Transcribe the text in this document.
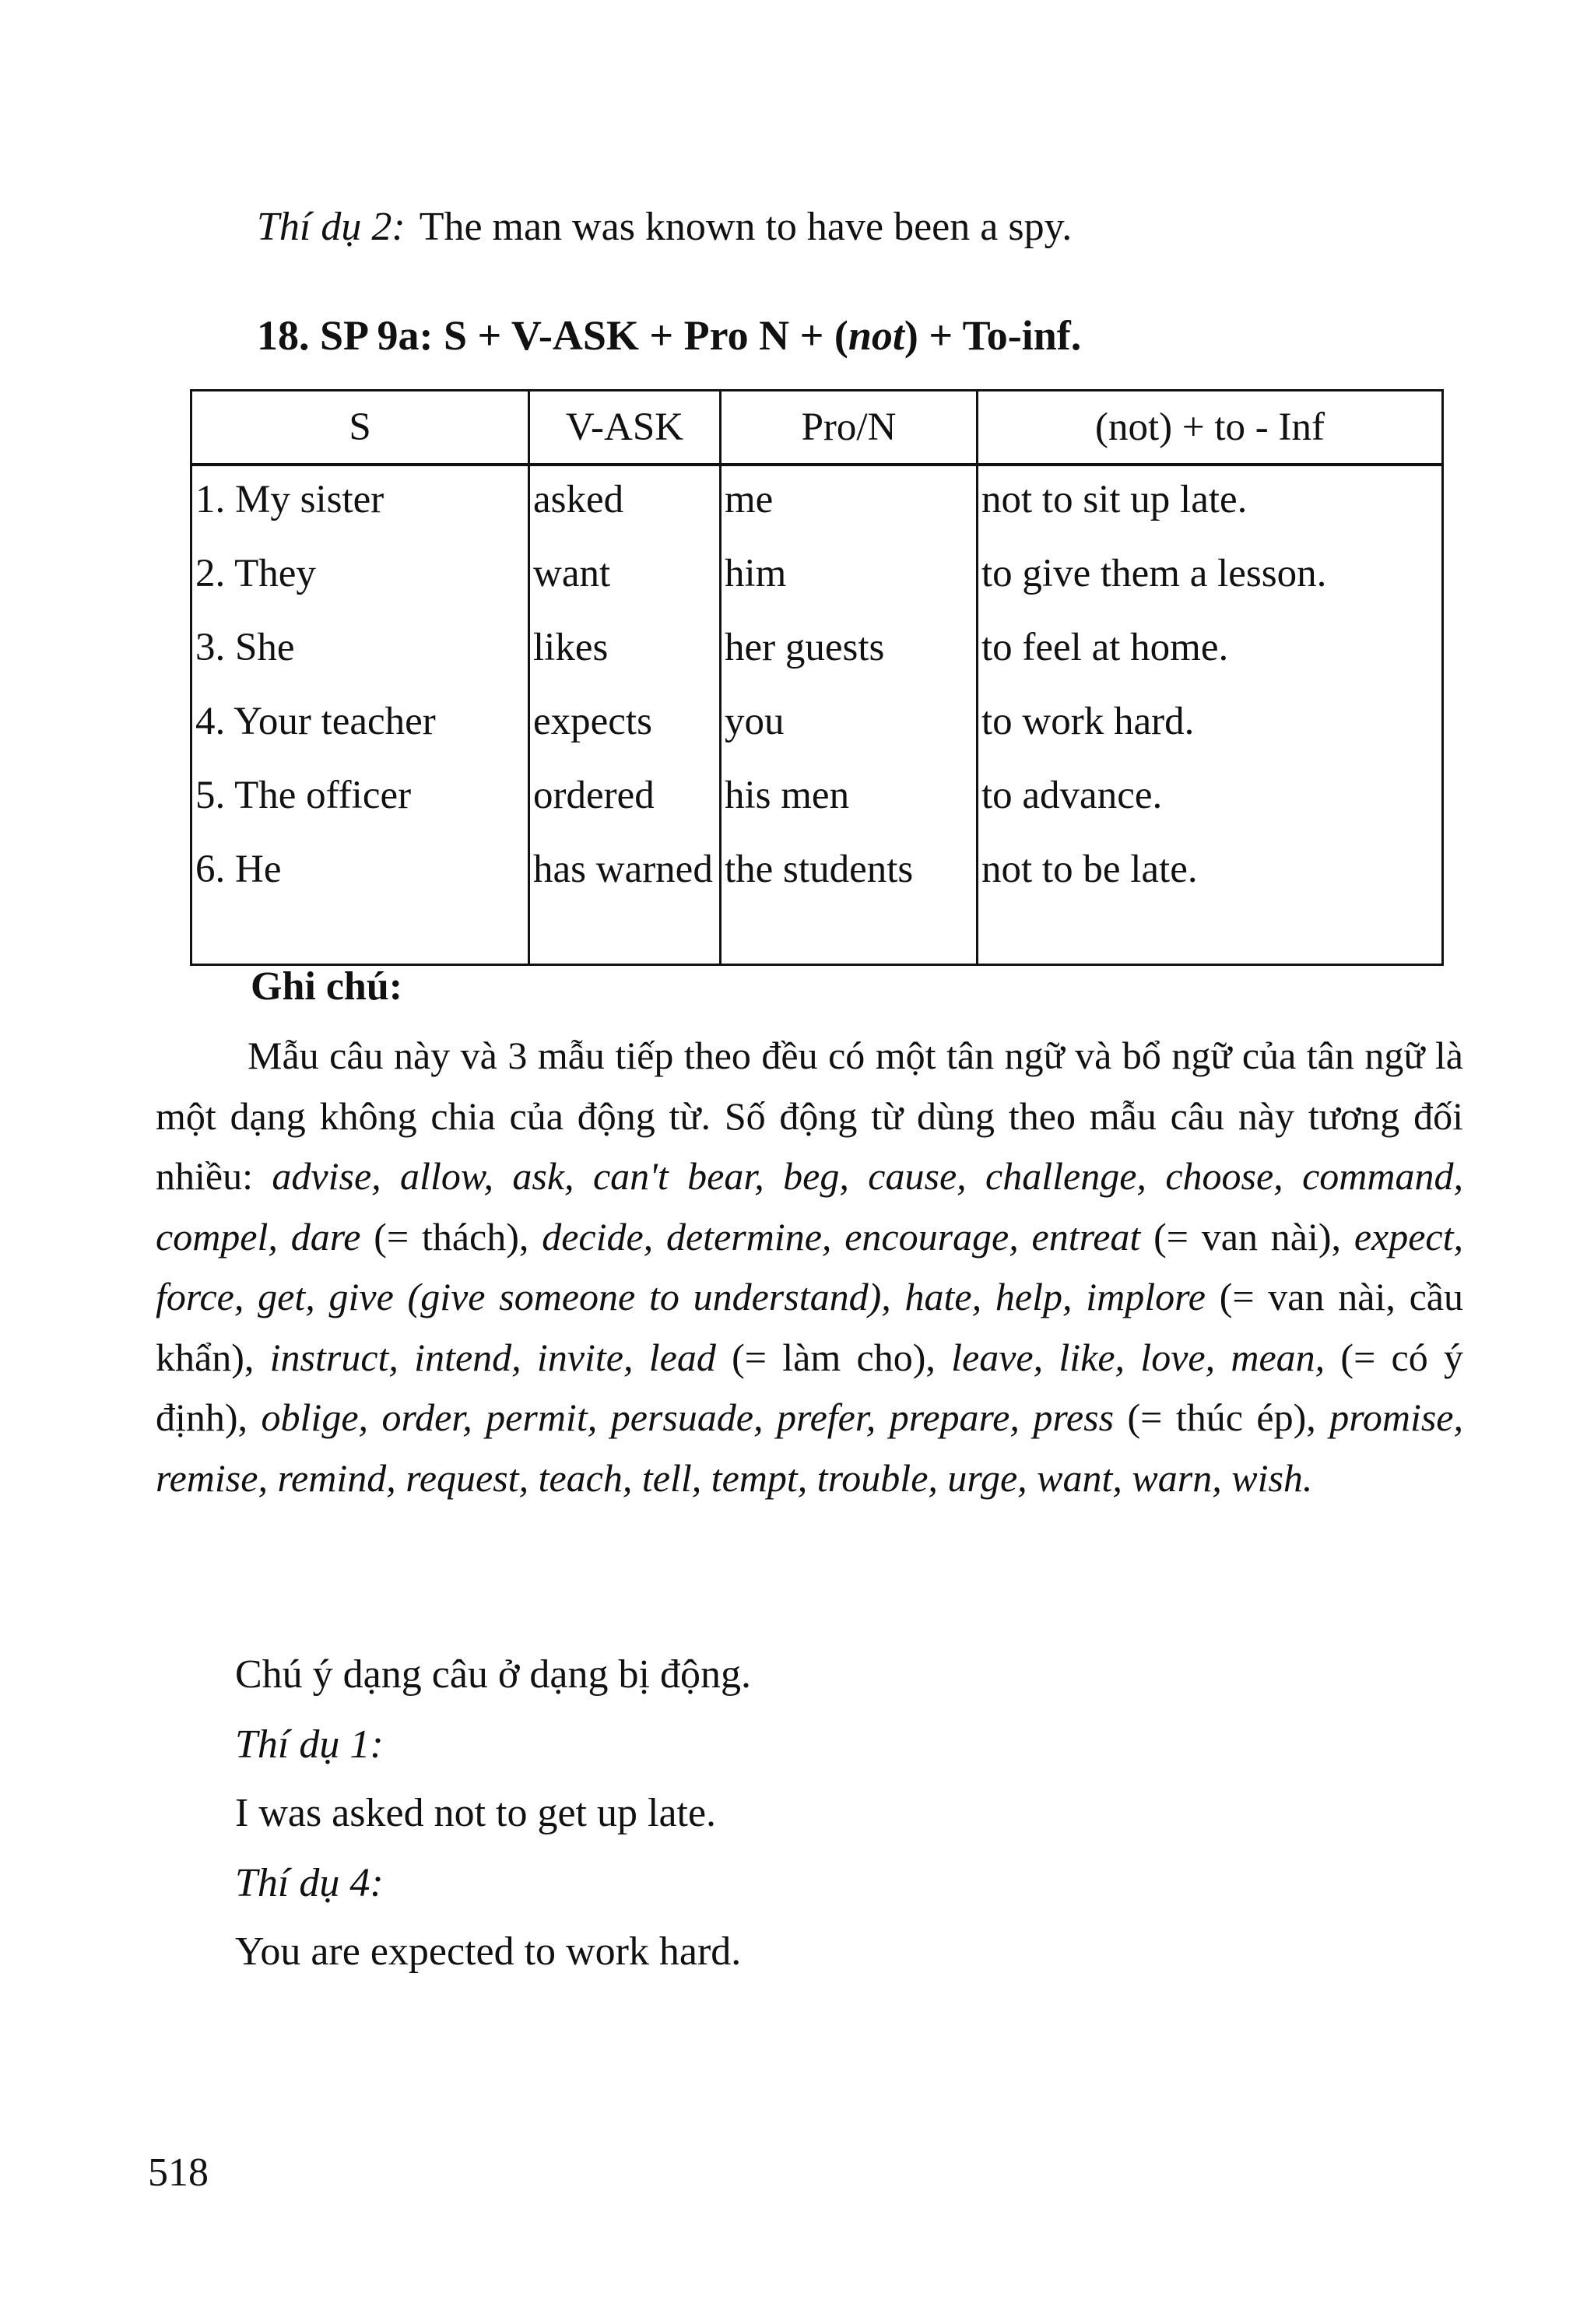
Thí dụ 2: The man was known to have been a spy.
18. SP 9a: S + V-ASK + Pro N + (not) + To-inf.
S	V-ASK	Pro/N	(not) + to - Inf
1. My sister	asked	me	not to sit up late.
2. They	want	him	to give them a lesson.
3. She	likes	her guests	to feel at home.
4. Your teacher	expects	you	to work hard.
5. The officer	ordered	his men	to advance.
6. He	has warned	the students	not to be late.
Ghi chú:
Mẫu câu này và 3 mẫu tiếp theo đều có một tân ngữ và bổ ngữ của tân ngữ là một dạng không chia của động từ. Số động từ dùng theo mẫu câu này tương đối nhiều: advise, allow, ask, can't bear, beg, cause, challenge, choose, command, compel, dare (= thách), decide, determine, encourage, entreat (= van nài), expect, force, get, give (give someone to understand), hate, help, implore (= van nài, cầu khẩn), instruct, intend, invite, lead (= làm cho), leave, like, love, mean, (= có ý định), oblige, order, permit, persuade, prefer, prepare, press (= thúc ép), promise, remise, remind, request, teach, tell, tempt, trouble, urge, want, warn, wish.
Chú ý dạng câu ở dạng bị động.
Thí dụ 1:
I was asked not to get up late.
Thí dụ 4:
You are expected to work hard.
518
